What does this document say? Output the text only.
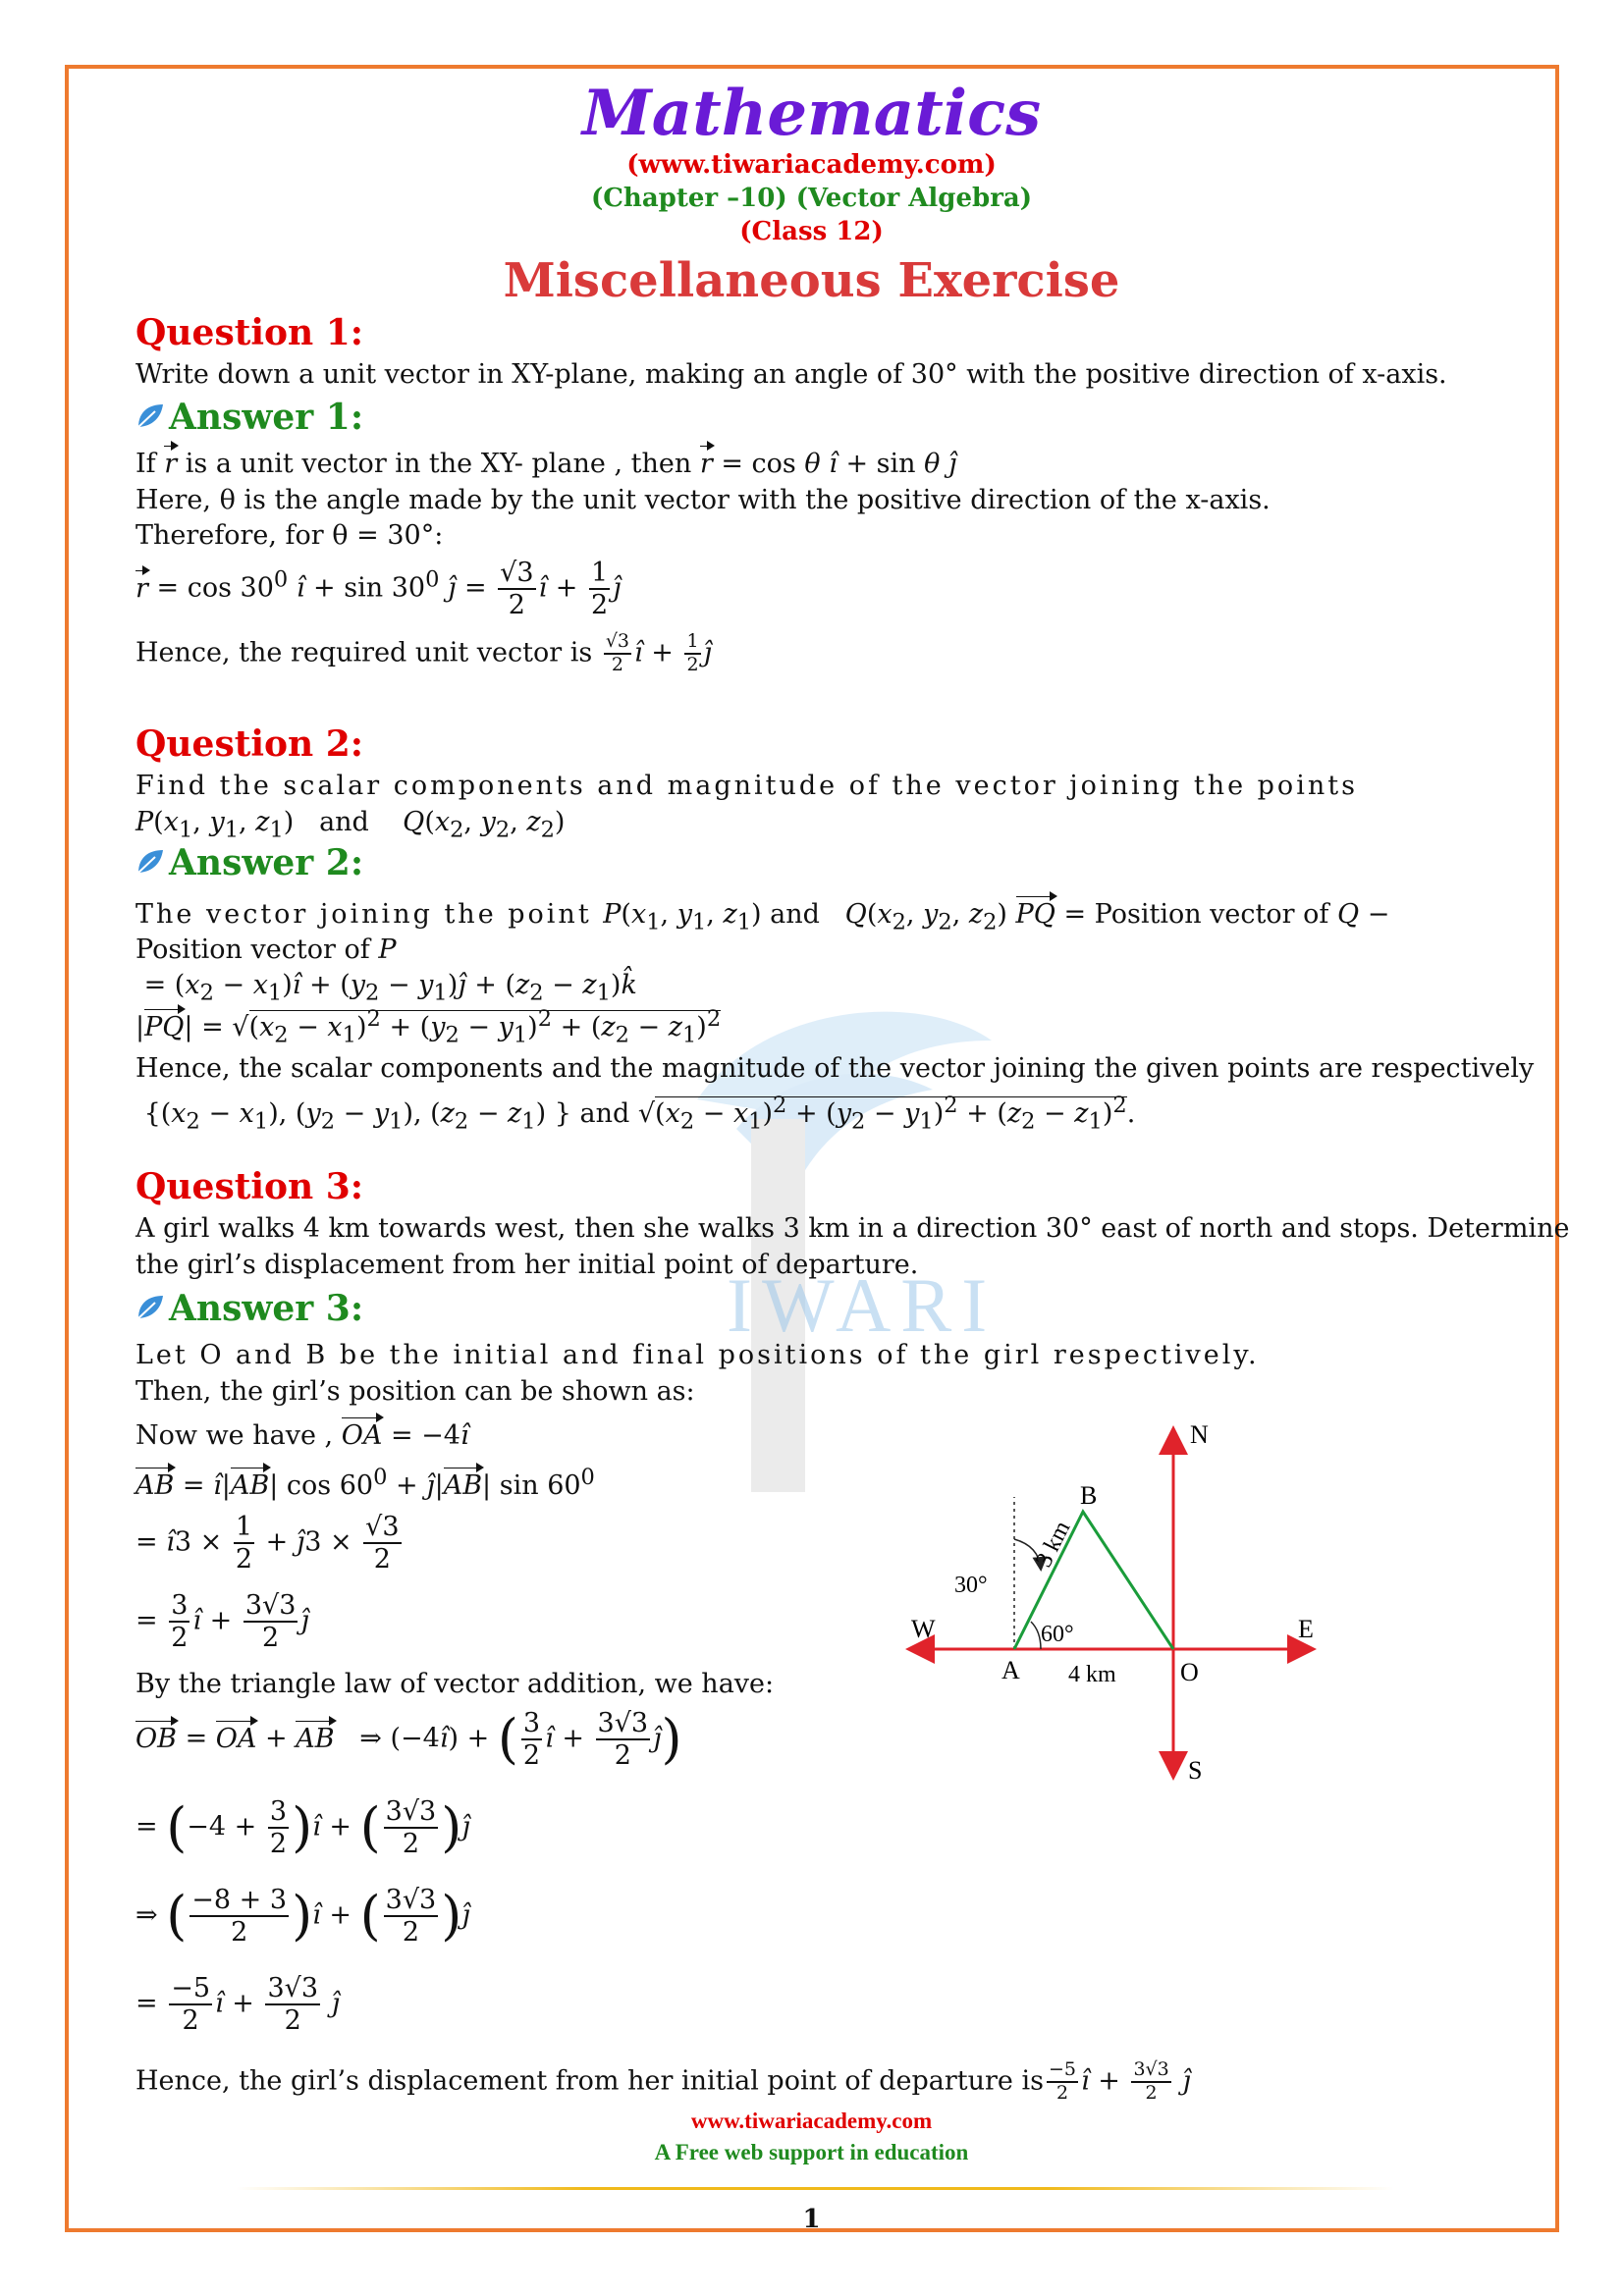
IWARI
Mathematics
(www.tiwariacademy.com)
(Chapter –10) (Vector Algebra)
(Class 12)
Miscellaneous Exercise
Question 1:
Write down a unit vector in XY-plane, making an angle of 30° with the positive direction of x-axis.
Answer 1:
If r is a unit vector in the XY- plane , then r = cos θ î + sin θ ĵ
Here, θ is the angle made by the unit vector with the positive direction of the x-axis.
Therefore, for θ = 30°:
$r = \cos 30^0$ î + $\sin 30^0$ ĵ = $\frac{√3}{2}$ î + $\frac{1}{2}$ ĵ
Hence, the required unit vector is $\frac{√3}{2}$ î + $\frac{1}{2}$ ĵ
Question 2:
Find the scalar components and magnitude of the vector joining the points
$P(x_1$, $y_1$, $z_1$)   and    $Q(x_2$, $y_2$, $z_2$)
Answer 2:
The vector joining the point $P(x_1$, $y_1$, $z_1$) and   $Q(x_2$, $y_2$, $z_2$) PQ = Position vector of Q −
Position vector of P
= ($x_2$ − $x_1)î + (y_2$ − $y_1)ĵ + (z_2$ − $z_1)k̂$
$|PQ| = √(x_2 - x_1)^2 + (y_2 - y_1)^2 + (z_2 - z_1)^2$
Hence, the scalar components and the magnitude of the vector joining the given points are respectively
{$(x_2 - x_1)$, $(y_2 - y_1)$, $(z_2 - z_1)$ } and $√(x_2 - x_1)^2 + (y_2 - y_1)^2 + (z_2 - z_1)^2$.
Question 3:
A girl walks 4 km towards west, then she walks 3 km in a direction 30° east of north and stops. Determine
the girl’s displacement from her initial point of departure.
Answer 3:
Let O and B be the initial and final positions of the girl respectively.
Then, the girl’s position can be shown as:
Now we have , OA = −4î
AB = î|AB| $\cos 60^0$ + ĵ|AB| $\sin 60^0$
= î3 × $\frac{1}{2}$ + ĵ3 × $\frac{√3}{2}$
= $\frac{3}{2}$ î + $\frac{3√3}{2}$ ĵ
By the triangle law of vector addition, we have:
OB = OA + AB   ⇒ (−4î) + ( $\frac{3}{2}$ î + $\frac{3√3}{2}$ ĵ)
= ($-4 + \frac{3}{2}$ )î + ( $\frac{3√3}{2}$ )ĵ
⇒ ( $\frac{-8 + 3}{2}$ )î + ( $\frac{3√3}{2}$ )ĵ
= $\frac{-5}{2}$ î + $\frac{3√3}{2}$ ĵ
Hence, the girl’s displacement from her initial point of departure is $\frac{-5}{2}$ î + $\frac{3√3}{2}$ ĵ
N
S
E
W
A
B
O
30°
60°
3 km
4 km
www.tiwariacademy.com
A Free web support in education
1
